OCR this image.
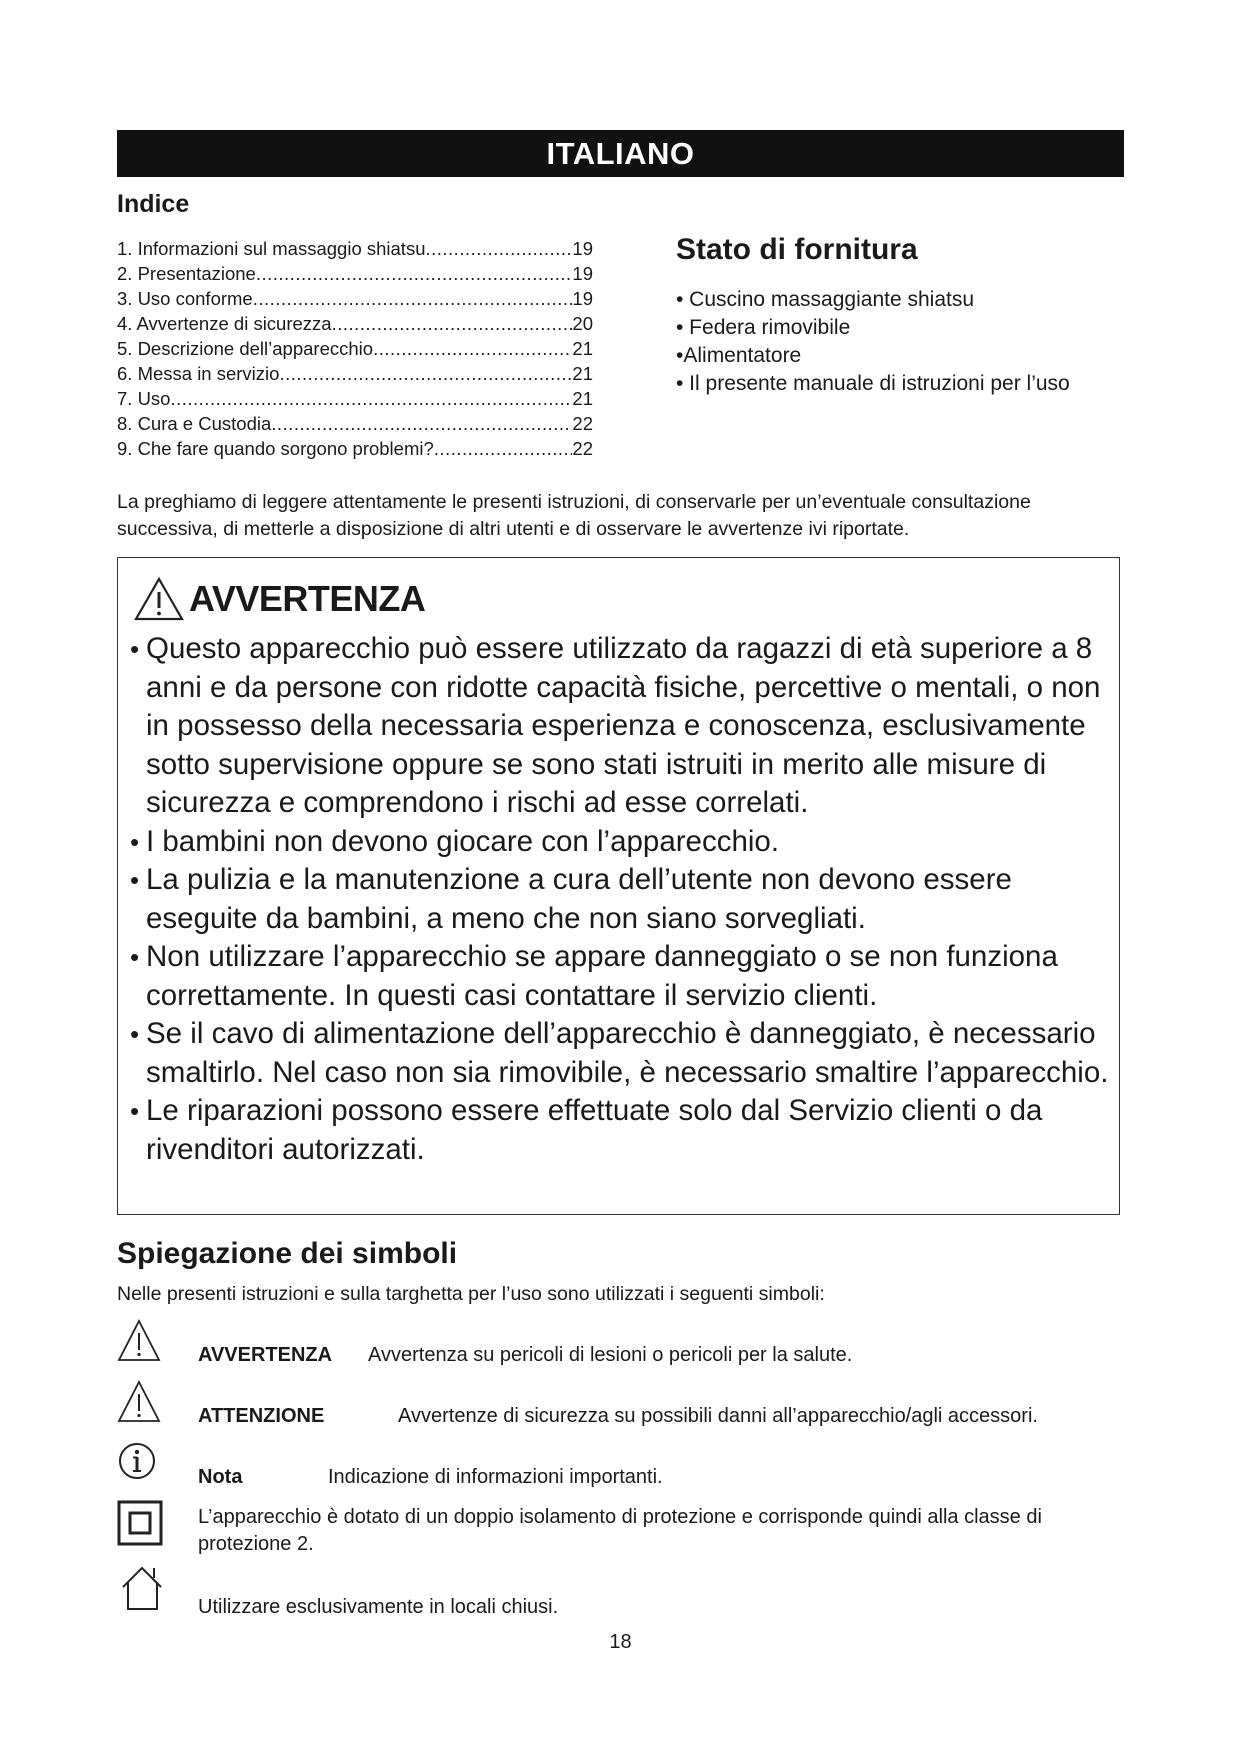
ITALIANO
Indice
1. Informazioni sul massaggio shiatsu .....	19
2. Presentazione .....	19
3. Uso conforme .....	19
4. Avvertenze di sicurezza .....	20
5. Descrizione dell’apparecchio .....	21
6. Messa in servizio .....	21
7. Uso .....	21
8. Cura e Custodia .....	22
9. Che fare quando sorgono problemi? .....	22
Stato di fornitura
• Cuscino massaggiante shiatsu
• Federa rimovibile
•Alimentatore
• Il presente manuale di istruzioni per l’uso
La preghiamo di leggere attentamente le presenti istruzioni, di conservarle per un’eventuale consultazione successiva, di metterle a disposizione di altri utenti e di osservare le avvertenze ivi riportate.
AVVERTENZA
• Questo apparecchio può essere utilizzato da ragazzi di età superiore a 8 anni e da persone con ridotte capacità fisiche, percettive o mentali, o non in possesso della necessaria esperienza e conoscenza, esclusivamente sotto supervisione oppure se sono stati istruiti in merito alle misure di sicurezza e comprendono i rischi ad esse correlati.
• I bambini non devono giocare con l’apparecchio.
• La pulizia e la manutenzione a cura dell’utente non devono essere eseguite da bambini, a meno che non siano sorvegliati.
• Non utilizzare l’apparecchio se appare danneggiato o se non funziona correttamente. In questi casi contattare il servizio clienti.
• Se il cavo di alimentazione dell’apparecchio è danneggiato, è necessario smaltirlo. Nel caso non sia rimovibile, è necessario smaltire l’apparecchio.
• Le riparazioni possono essere effettuate solo dal Servizio clienti o da rivenditori autorizzati.
Spiegazione dei simboli
Nelle presenti istruzioni e sulla targhetta per l’uso sono utilizzati i seguenti simboli:
AVVERTENZA Avvertenza su pericoli di lesioni o pericoli per la salute.
ATTENZIONE	Avvertenze di sicurezza su possibili danni all’apparecchio/agli accessori.
Nota	Indicazione di informazioni importanti.
L’apparecchio è dotato di un doppio isolamento di protezione e corrisponde quindi alla classe di protezione 2.
Utilizzare esclusivamente in locali chiusi.
18
